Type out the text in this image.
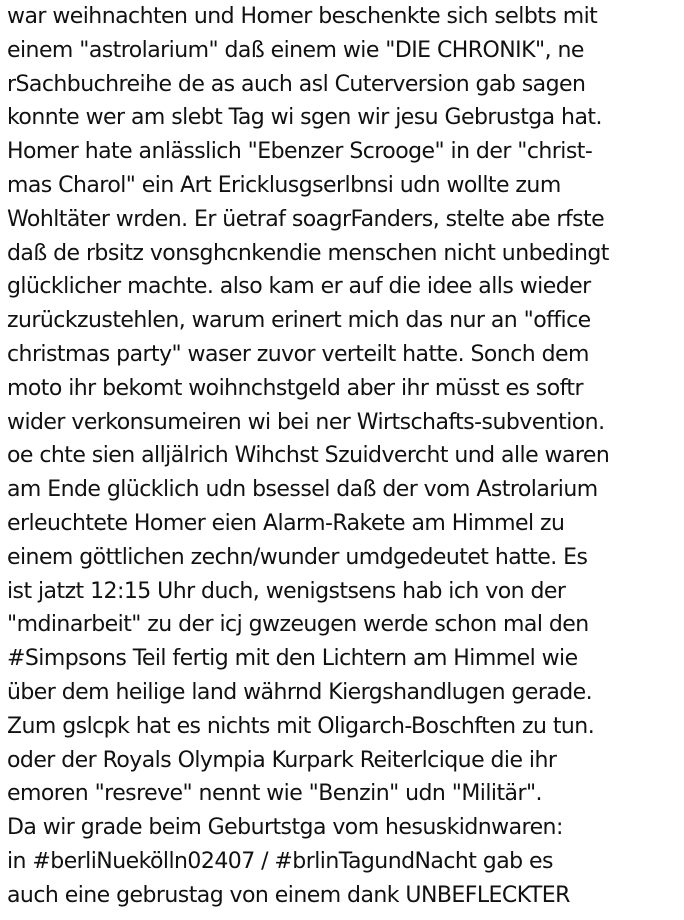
war weihnachten und Homer beschenkte sich selbts mit
einem "astrolarium" daß einem wie "DIE CHRONIK", ne
rSachbuchreihe de as auch asl Cuterversion gab sagen
konnte wer am slebt Tag wi sgen wir jesu Gebrustga hat.
Homer hate anlässlich "Ebenzer Scrooge" in der "christ-
mas Charol" ein Art Ericklusgserlbnsi udn wollte zum
Wohltäter wrden. Er üetraf soagrFanders, stelte abe rfste
daß de rbsitz vonsghcnkendie menschen nicht unbedingt
glücklicher machte. also kam er auf die idee alls wieder
zurückzustehlen, warum erinert mich das nur an "office
christmas party" waser zuvor verteilt hatte. Sonch dem
moto ihr bekomt woihnchstgeld aber ihr müsst es softr
wider verkonsumeiren wi bei ner Wirtschafts-subvention.
oe chte sien alljälrich Wihchst Szuidvercht und alle waren
am Ende glücklich udn bsessel daß der vom Astrolarium
erleuchtete Homer eien Alarm-Rakete am Himmel zu
einem göttlichen zechn/wunder umdgedeutet hatte. Es
ist jatzt 12:15 Uhr duch, wenigstsens hab ich von der
"mdinarbeit" zu der icj gwzeugen werde schon mal den
#Simpsons Teil fertig mit den Lichtern am Himmel wie
über dem heilige land währnd Kiergshandlugen gerade.
Zum gslcpk hat es nichts mit Oligarch-Boschften zu tun.
oder der Royals Olympia Kurpark Reiterlcique die ihr
emoren "resreve" nennt wie "Benzin" udn "Militär".
Da wir grade beim Geburtstga vom hesuskidnwaren:
in #berliNuekölln02407 / #brlinTagundNacht gab es
auch eine gebrustag von einem dank UNBEFLECKTER
